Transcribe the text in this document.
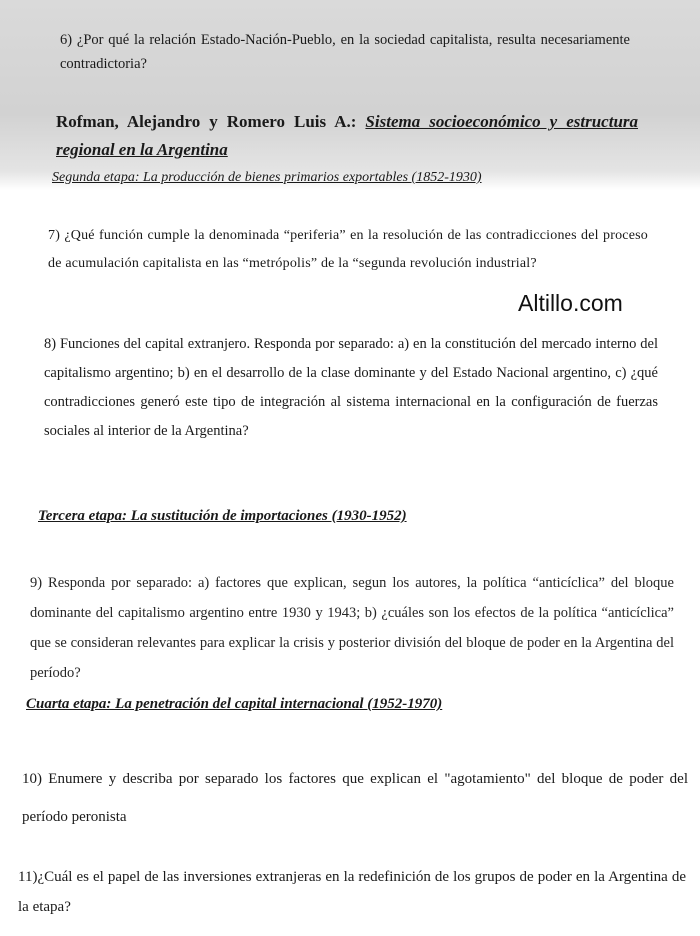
6) ¿Por qué la relación Estado-Nación-Pueblo, en la sociedad capitalista, resulta necesariamente contradictoria?
Rofman, Alejandro y Romero Luis A.: Sistema socioeconómico y estructura regional en la Argentina
Segunda etapa: La producción de bienes primarios exportables (1852-1930)
7) ¿Qué función cumple la denominada “periferia” en la resolución de las contradicciones del proceso de acumulación capitalista en las “metrópolis” de la “segunda revolución industrial?
Altillo.com
8) Funciones del capital extranjero. Responda por separado: a) en la constitución del mercado interno del capitalismo argentino; b) en el desarrollo de la clase dominante y del Estado Nacional argentino, c) ¿qué contradicciones generó este tipo de integración al sistema internacional en la configuración de fuerzas sociales al interior de la Argentina?
Tercera etapa: La sustitución de importaciones (1930-1952)
9) Responda por separado: a) factores que explican, segun los autores, la política “anticíclica” del bloque dominante del capitalismo argentino entre 1930 y 1943; b) ¿cuáles son los efectos de la política “anticíclica” que se consideran relevantes para explicar la crisis y posterior división del bloque de poder en la Argentina del período?
Cuarta etapa: La penetración del capital internacional (1952-1970)
10) Enumere y describa por separado los factores que explican el "agotamiento" del bloque de poder del período peronista
11)¿Cuál es el papel de las inversiones extranjeras en la redefinición de los grupos de poder en la Argentina de la etapa?
